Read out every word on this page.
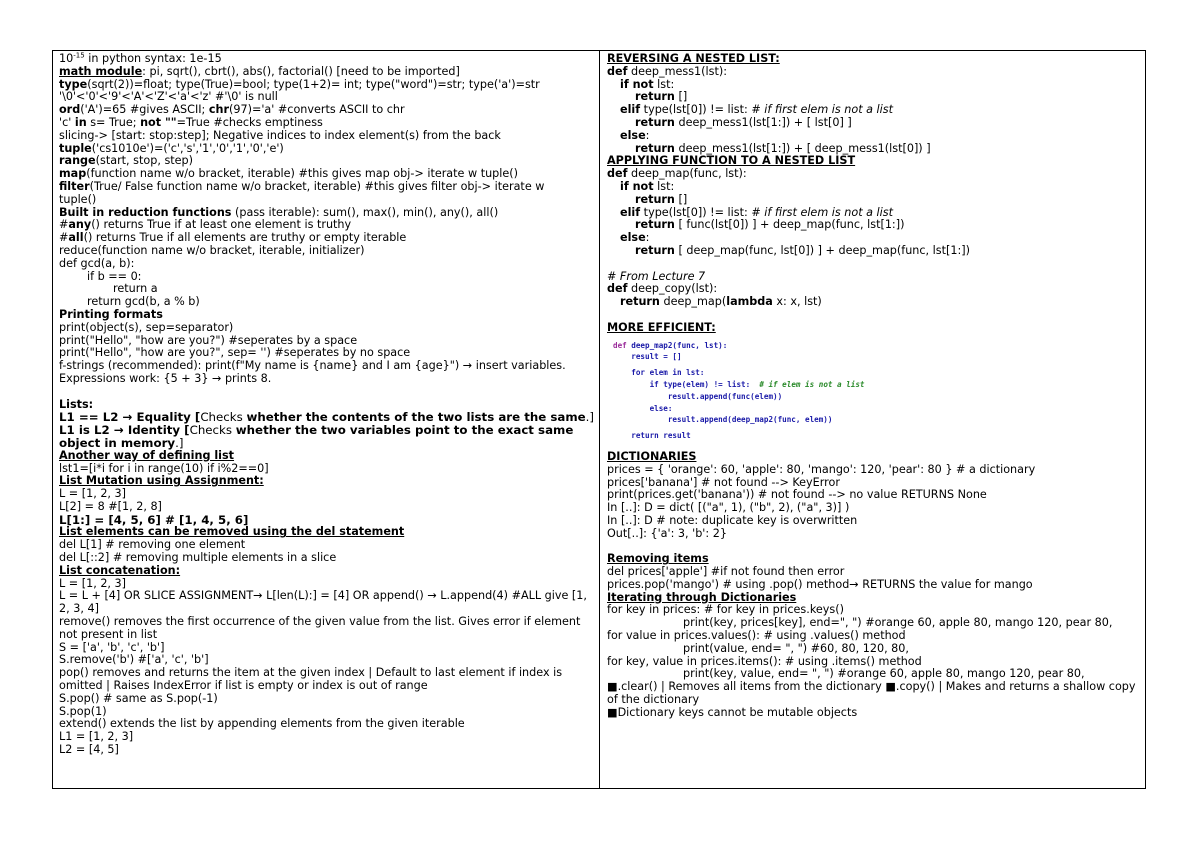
$10^{-15}$ in python syntax: 1e-15
math module: pi, sqrt(), cbrt(), abs(), factorial() [need to be imported]
type(sqrt(2))=float; type(True)=bool; type(1+2)= int; type("word")=str; type('a')=str
'\0'<'0'<'9'<'A'<'Z'<'a'<'z' #'\0' is null
ord('A')=65 #gives ASCII; chr(97)='a' #converts ASCII to chr
'c' in s= True; not ""=True #checks emptiness
slicing-> [start: stop:step]; Negative indices to index element(s) from the back
tuple('cs1010e')=('c','s','1','0','1','0','e')
range(start, stop, step)
map(function name w/o bracket, iterable) #this gives map obj-> iterate w tuple()
filter(True/ False function name w/o bracket, iterable) #this gives filter obj-> iterate w
tuple()
Built in reduction functions (pass iterable): sum(), max(), min(), any(), all()
#any() returns True if at least one element is truthy
#all() returns True if all elements are truthy or empty iterable
reduce(function name w/o bracket, iterable, initializer)
def gcd(a, b):
if b == 0:
return a
return gcd(b, a % b)
Printing formats
print(object(s), sep=separator)
print("Hello", "how are you?") #seperates by a space
print("Hello", "how are you?", sep= '') #seperates by no space
f-strings (recommended): print(f"My name is {name} and I am {age}") → insert variables.
Expressions work: {5 + 3} → prints 8.
Lists:
L1 == L2 → Equality [Checks whether the contents of the two lists are the same.]
L1 is L2 → Identity [Checks whether the two variables point to the exact same object in memory.]
Another way of defining list
lst1=[i*i for i in range(10) if i%2==0]
List Mutation using Assignment:
L = [1, 2, 3]
L[2] = 8 #[1, 2, 8]
L[1:] = [4, 5, 6] # [1, 4, 5, 6]
List elements can be removed using the del statement
del L[1] # removing one element
del L[::2] # removing multiple elements in a slice
List concatenation:
L = [1, 2, 3]
L = L + [4] OR SLICE ASSIGNMENT→ L[len(L):] = [4] OR append() → L.append(4) #ALL give [1, 2, 3, 4]
remove() removes the first occurrence of the given value from the list. Gives error if element not present in list
S = ['a', 'b', 'c', 'b']
S.remove('b') #['a', 'c', 'b']
pop() removes and returns the item at the given index | Default to last element if index is omitted | Raises IndexError if list is empty or index is out of range
S.pop() # same as S.pop(-1)
S.pop(1)
extend() extends the list by appending elements from the given iterable
L1 = [1, 2, 3]
L2 = [4, 5]
REVERSING A NESTED LIST:
def deep_mess1(lst):
if not lst:
return []
elif type(lst[0]) != list: # if first elem is not a list
return deep_mess1(lst[1:]) + [ lst[0] ]
else:
return deep_mess1(lst[1:]) + [ deep_mess1(lst[0]) ]
APPLYING FUNCTION TO A NESTED LIST
def deep_map(func, lst):
if not lst:
return []
elif type(lst[0]) != list: # if first elem is not a list
return [ func(lst[0]) ] + deep_map(func, lst[1:])
else:
return [ deep_map(func, lst[0]) ] + deep_map(func, lst[1:])
# From Lecture 7
def deep_copy(lst):
return deep_map(lambda x: x, lst)
MORE EFFICIENT:
def deep_map2(func, lst):
result = []
for elem in lst:
if type(elem) != list:  # if elem is not a list
result.append(func(elem))
else:
result.append(deep_map2(func, elem))
return result
DICTIONARIES
prices = { 'orange': 60, 'apple': 80, 'mango': 120, 'pear': 80 } # a dictionary
prices['banana'] # not found --> KeyError
print(prices.get('banana')) # not found --> no value RETURNS None
In [..]: D = dict( [("a", 1), ("b", 2), ("a", 3)] )
In [..]: D # note: duplicate key is overwritten
Out[..]: {'a': 3, 'b': 2}
Removing items
del prices['apple'] #if not found then error
prices.pop('mango') # using .pop() method→ RETURNS the value for mango
Iterating through Dictionaries
for key in prices: # for key in prices.keys()
print(key, prices[key], end=", ") #orange 60, apple 80, mango 120, pear 80,
for value in prices.values(): # using .values() method
print(value, end= ", ") #60, 80, 120, 80,
for key, value in prices.items(): # using .items() method
print(key, value, end= ", ") #orange 60, apple 80, mango 120, pear 80,
■.clear() | Removes all items from the dictionary ■.copy() | Makes and returns a shallow copy of the dictionary
■Dictionary keys cannot be mutable objects
